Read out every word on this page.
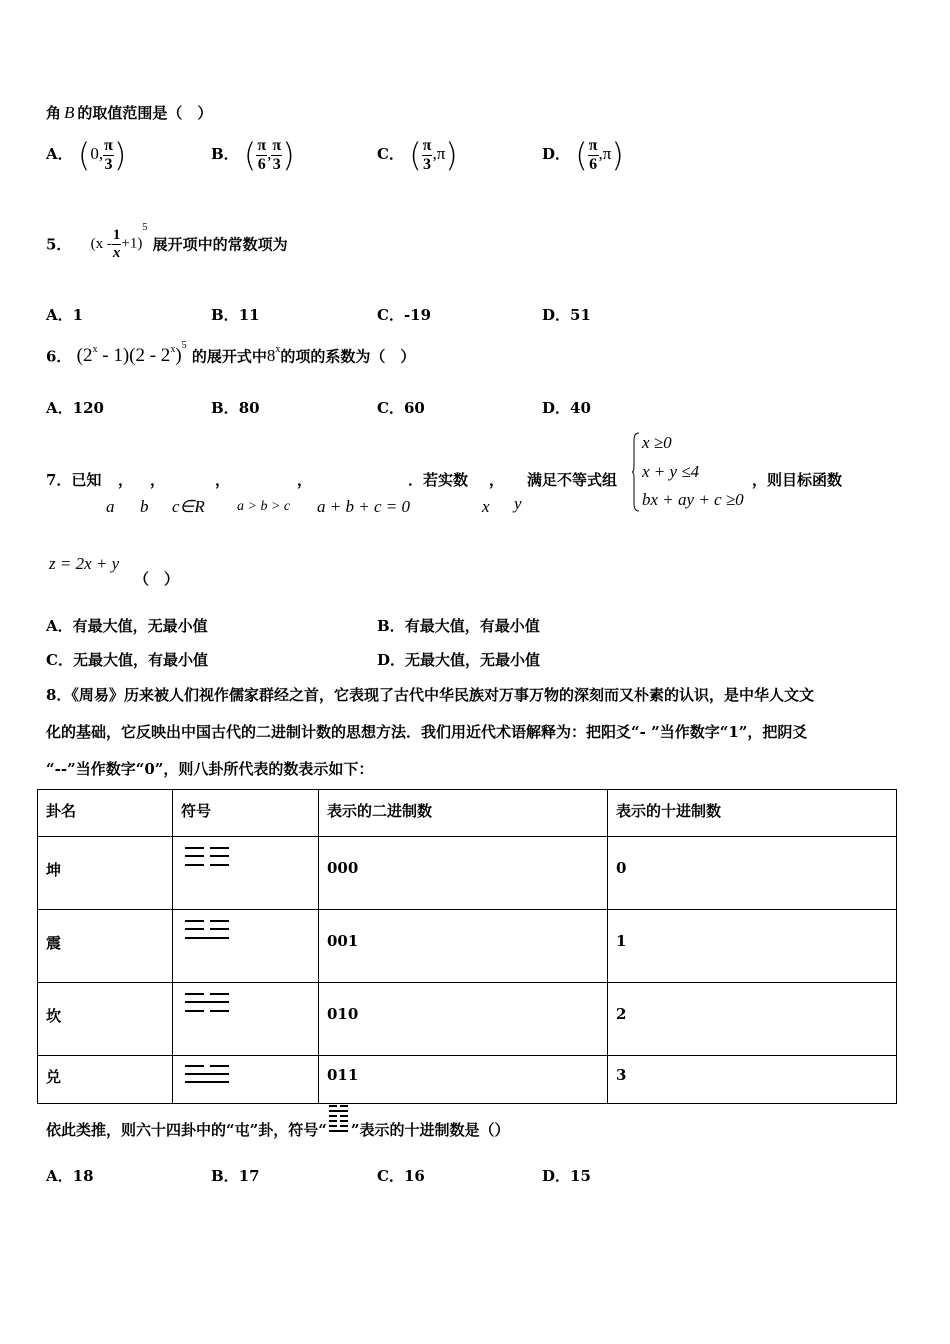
角 B 的取值范围是（　）
A． (0, $\frac{\pi}{3}$ )	B． ( $\frac{\pi}{6}$ , $\frac{\pi}{3}$ )	C． ( $\frac{\pi}{3} ,\pi$)	D． ( $\frac{\pi}{6} ,\pi$)
5． $(x - \frac{1}{x} +1)^5$ 展开项中的常数项为
A．1	B．11	C．-19	D．51
6． (2$^x$ - 1)(2 - 2$^x$)$^5$ 的展开式中8$^x$的项的系数为（　）
A．120	B．80	C．60	D．40
7．已知 ， ，	，	，	．若实数 ， 满足不等式组	，则目标函数
a b c∈R a > b > c a + b + c = 0	x y
x ≥0
x + y ≤4
bx + ay + c ≥0
z = 2x + y
（　）
A．有最大值，无最小值	B．有最大值，有最小值
C．无最大值，有最小值	D．无最大值，无最小值
8．《周易》历来被人们视作儒家群经之首，它表现了古代中华民族对万事万物的深刻而又朴素的认识，是中华人文文
化的基础，它反映出中国古代的二进制计数的思想方法．我们用近代术语解释为：把阳爻“- ”当作数字“1”，把阴爻
“--”当作数字“0”，则八卦所代表的数表示如下：
卦名	符号	表示的二进制数	表示的十进制数
坤		000	0
震		001	1
坎		010	2
兑		011	3
依此类推，则六十四卦中的“屯”卦，符号“ ”表示的十进制数是（）
A．18	B．17	C．16	D．15
